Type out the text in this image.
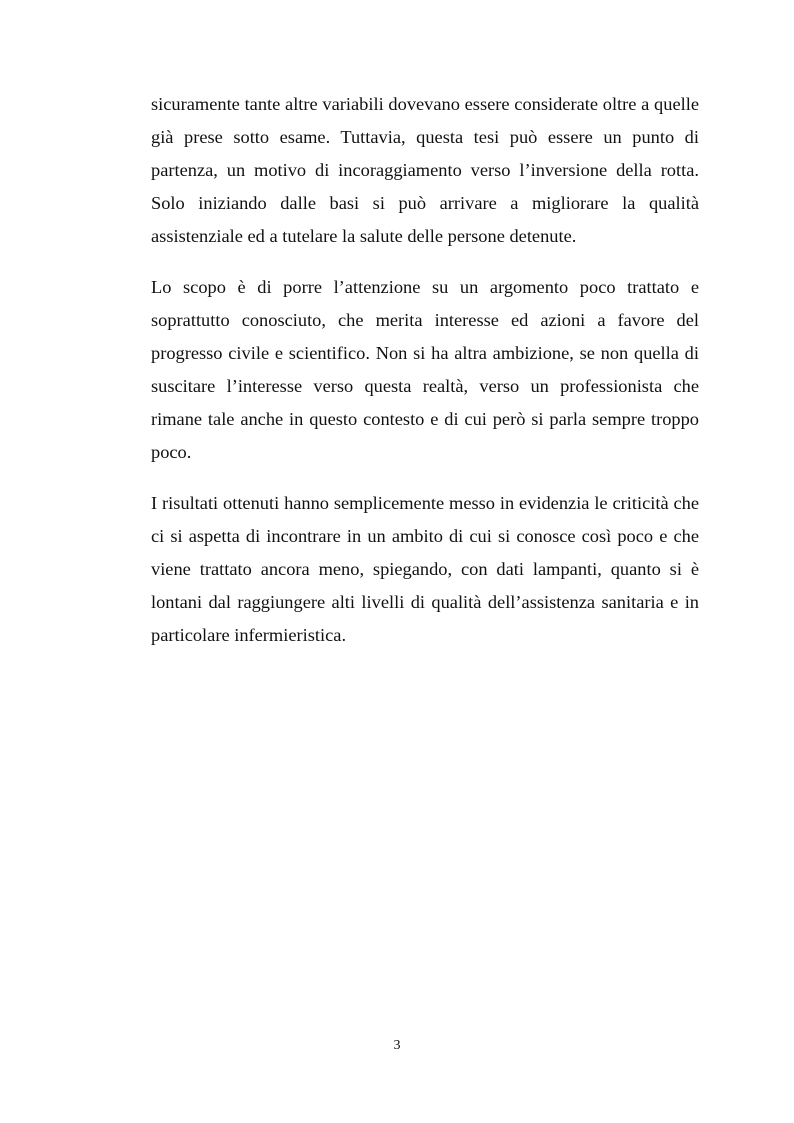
sicuramente tante altre variabili dovevano essere considerate oltre a quelle già prese sotto esame. Tuttavia, questa tesi può essere un punto di partenza, un motivo di incoraggiamento verso l’inversione della rotta. Solo iniziando dalle basi si può arrivare a migliorare la qualità assistenziale ed a tutelare la salute delle persone detenute.

Lo scopo è di porre l’attenzione su un argomento poco trattato e soprattutto conosciuto, che merita interesse ed azioni a favore del progresso civile e scientifico. Non si ha altra ambizione, se non quella di suscitare l’interesse verso questa realtà, verso un professionista che rimane tale anche in questo contesto e di cui però si parla sempre troppo poco.

I risultati ottenuti hanno semplicemente messo in evidenzia le criticità che ci si aspetta di incontrare in un ambito di cui si conosce così poco e che viene trattato ancora meno, spiegando, con dati lampanti, quanto si è lontani dal raggiungere alti livelli di qualità dell’assistenza sanitaria e in particolare infermieristica.

3
